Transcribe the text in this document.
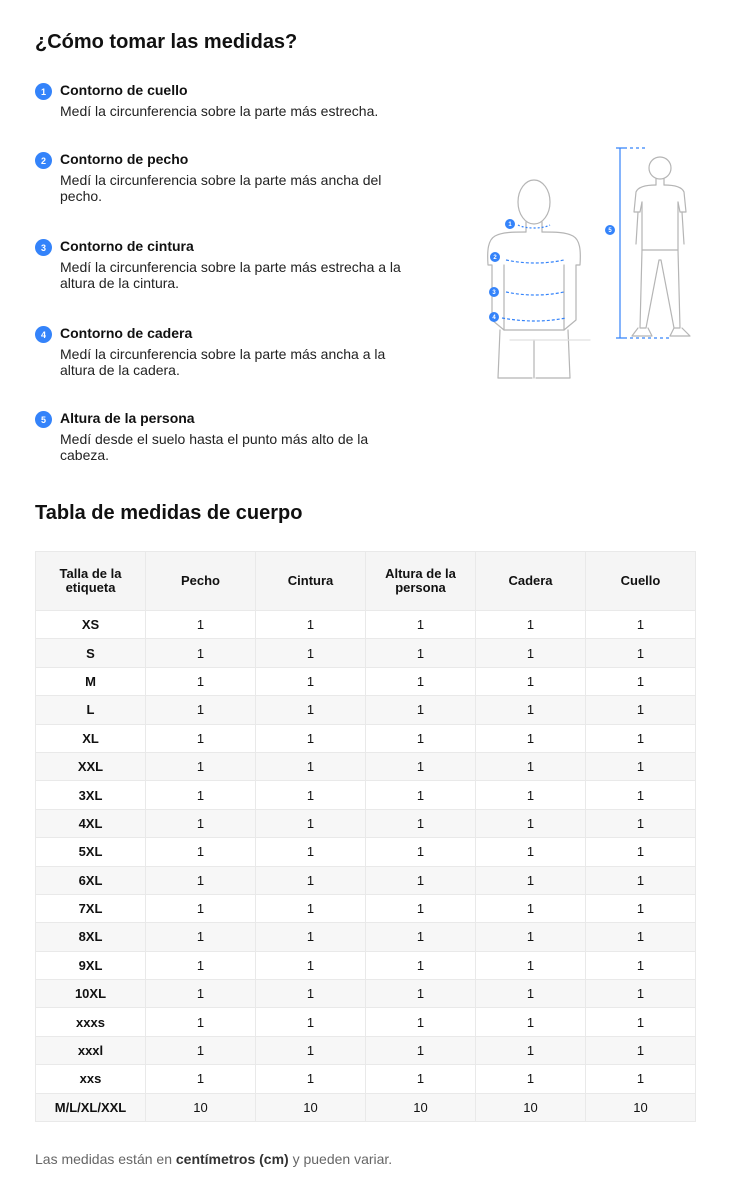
¿Cómo tomar las medidas?
1	Contorno de cuello
Medí la circunferencia sobre la parte más estrecha.
2	Contorno de pecho
Medí la circunferencia sobre la parte más ancha del pecho.
3	Contorno de cintura
Medí la circunferencia sobre la parte más estrecha a la altura de la cintura.
4	Contorno de cadera
Medí la circunferencia sobre la parte más ancha a la altura de la cadera.
5	Altura de la persona
Medí desde el suelo hasta el punto más alto de la cabeza.
1
2
3
4
5
Tabla de medidas de cuerpo
Talla de la etiqueta	Pecho	Cintura	Altura de la persona	Cadera	Cuello
XS	1	1	1	1	1
S	1	1	1	1	1
M	1	1	1	1	1
L	1	1	1	1	1
XL	1	1	1	1	1
XXL	1	1	1	1	1
3XL	1	1	1	1	1
4XL	1	1	1	1	1
5XL	1	1	1	1	1
6XL	1	1	1	1	1
7XL	1	1	1	1	1
8XL	1	1	1	1	1
9XL	1	1	1	1	1
10XL	1	1	1	1	1
xxxs	1	1	1	1	1
xxxl	1	1	1	1	1
xxs	1	1	1	1	1
M/L/XL/XXL	10	10	10	10	10

Las medidas están en centímetros (cm) y pueden variar.
